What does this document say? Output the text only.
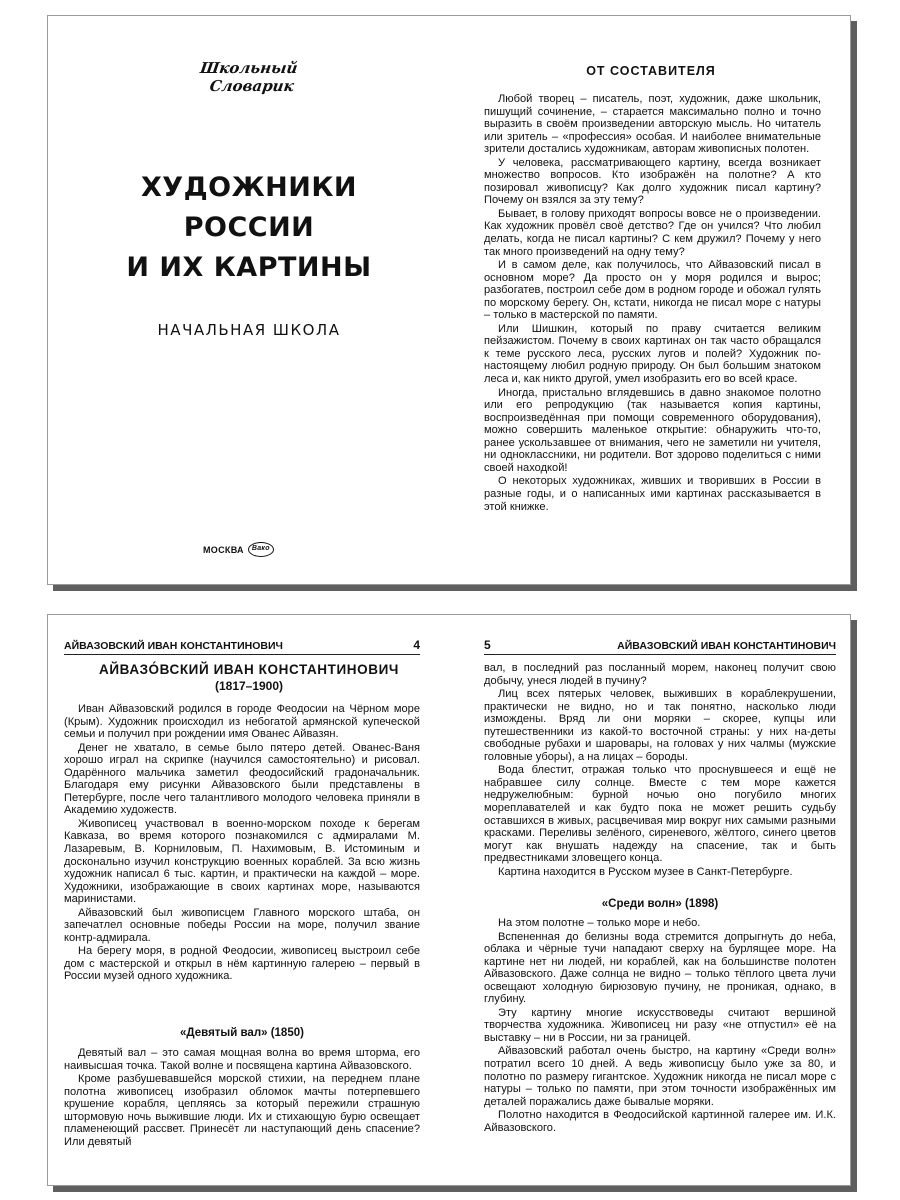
Школьный
Словарик
ХУДОЖНИКИ
РОССИИ
И ИХ КАРТИНЫ
НАЧАЛЬНАЯ ШКОЛА
МОСКВА	Вако
ОТ СОСТАВИТЕЛЯ

Любой творец – писатель, поэт, художник, даже школьник, пишущий сочинение, – старается максимально полно и точно выразить в своём произведении авторскую мысль. Но читатель или зритель – «профессия» особая. И наиболее внимательные зрители достались художникам, авторам живописных полотен.

У человека, рассматривающего картину, всегда возникает множество вопросов. Кто изображён на полотне? А кто позировал живописцу? Как долго художник писал картину? Почему он взялся за эту тему?

Бывает, в голову приходят вопросы вовсе не о произведении. Как художник провёл своё детство? Где он учился? Что любил делать, когда не писал картины? С кем дружил? Почему у него так много произведений на одну тему?

И в самом деле, как получилось, что Айвазовский писал в основном море? Да просто он у моря родился и вырос; разбогатев, построил себе дом в родном городе и обожал гулять по морскому берегу. Он, кстати, никогда не писал море с натуры – только в мастерской по памяти.

Или Шишкин, который по праву считается великим пейзажистом. Почему в своих картинах он так часто обращался к теме русского леса, русских лугов и полей? Художник по-настоящему любил родную природу. Он был большим знатоком леса и, как никто другой, умел изобразить его во всей красе.

Иногда, пристально вглядевшись в давно знакомое полотно или его репродукцию (так называется копия картины, воспроизведённая при помощи современного оборудования), можно совершить маленькое открытие: обнаружить что-то, ранее ускользавшее от внимания, чего не заметили ни учителя, ни одноклассники, ни родители. Вот здорово поделиться с ними своей находкой!

О некоторых художниках, живших и творивших в России в разные годы, и о написанных ими картинах рассказывается в этой книжке.

АЙВАЗОВСКИЙ ИВАН КОНСТАНТИНОВИЧ	4
АЙВАЗО́ВСКИЙ ИВАН КОНСТАНТИНОВИЧ
(1817–1900)

Иван Айвазовский родился в городе Феодосии на Чёрном море (Крым). Художник происходил из небогатой армянской купеческой семьи и получил при рождении имя Ованес Айвазян.

Денег не хватало, в семье было пятеро детей. Ованес-Ваня хорошо играл на скрипке (научился самостоятельно) и рисовал. Одарённого мальчика заметил феодосийский градоначальник. Благодаря ему рисунки Айвазовского были представлены в Петербурге, после чего талантливого молодого человека приняли в Академию художеств.

Живописец участвовал в военно-морском походе к берегам Кавказа, во время которого познакомился с адмиралами М. Лазаревым, В. Корниловым, П. Нахимовым, В. Истоминым и досконально изучил конструкцию военных кораблей. За всю жизнь художник написал 6 тыс. картин, и практически на каждой – море. Художники, изображающие в своих картинах море, называются маринистами.

Айвазовский был живописцем Главного морского штаба, он запечатлел основные победы России на море, получил звание контр-адмирала.

На берегу моря, в родной Феодосии, живописец выстроил себе дом с мастерской и открыл в нём картинную галерею – первый в России музей одного художника.

«Девятый вал» (1850)

Девятый вал – это самая мощная волна во время шторма, его наивысшая точка. Такой волне и посвящена картина Айвазовского.

Кроме разбушевавшейся морской стихии, на переднем плане полотна живописец изобразил обломок мачты потерпевшего крушение корабля, цепляясь за который пережили страшную штормовую ночь выжившие люди. Их и стихающую бурю освещает пламенеющий рассвет. Принесёт ли наступающий день спасение? Или девятый

5	АЙВАЗОВСКИЙ ИВАН КОНСТАНТИНОВИЧ

вал, в последний раз посланный морем, наконец получит свою добычу, унеся людей в пучину?

Лиц всех пятерых человек, выживших в кораблекрушении, практически не видно, но и так понятно, насколько люди измождены. Вряд ли они моряки – скорее, купцы или путешественники из какой-то восточной страны: у них на-деты свободные рубахи и шаровары, на головах у них чалмы (мужские головные уборы), а на лицах – бороды.

Вода блестит, отражая только что проснувшееся и ещё не набравшее силу солнце. Вместе с тем море кажется недружелюбным: бурной ночью оно погубило многих мореплавателей и как будто пока не может решить судьбу оставшихся в живых, расцвечивая мир вокруг них самыми разными красками. Переливы зелёного, сиреневого, жёлтого, синего цветов могут как внушать надежду на спасение, так и быть предвестниками зловещего конца.

Картина находится в Русском музее в Санкт-Петербурге.

«Среди волн» (1898)

На этом полотне – только море и небо.

Вспененная до белизны вода стремится допрыгнуть до неба, облака и чёрные тучи нападают сверху на бурлящее море. На картине нет ни людей, ни кораблей, как на большинстве полотен Айвазовского. Даже солнца не видно – только тёплого цвета лучи освещают холодную бирюзовую пучину, не проникая, однако, в глубину.

Эту картину многие искусствоведы считают вершиной творчества художника. Живописец ни разу «не отпустил» её на выставку – ни в России, ни за границей.

Айвазовский работал очень быстро, на картину «Среди волн» потратил всего 10 дней. А ведь живописцу было уже за 80, и полотно по размеру гигантское. Художник никогда не писал море с натуры – только по памяти, при этом точности изображённых им деталей поражались даже бывалые моряки.

Полотно находится в Феодосийской картинной галерее им. И.К. Айвазовского.
